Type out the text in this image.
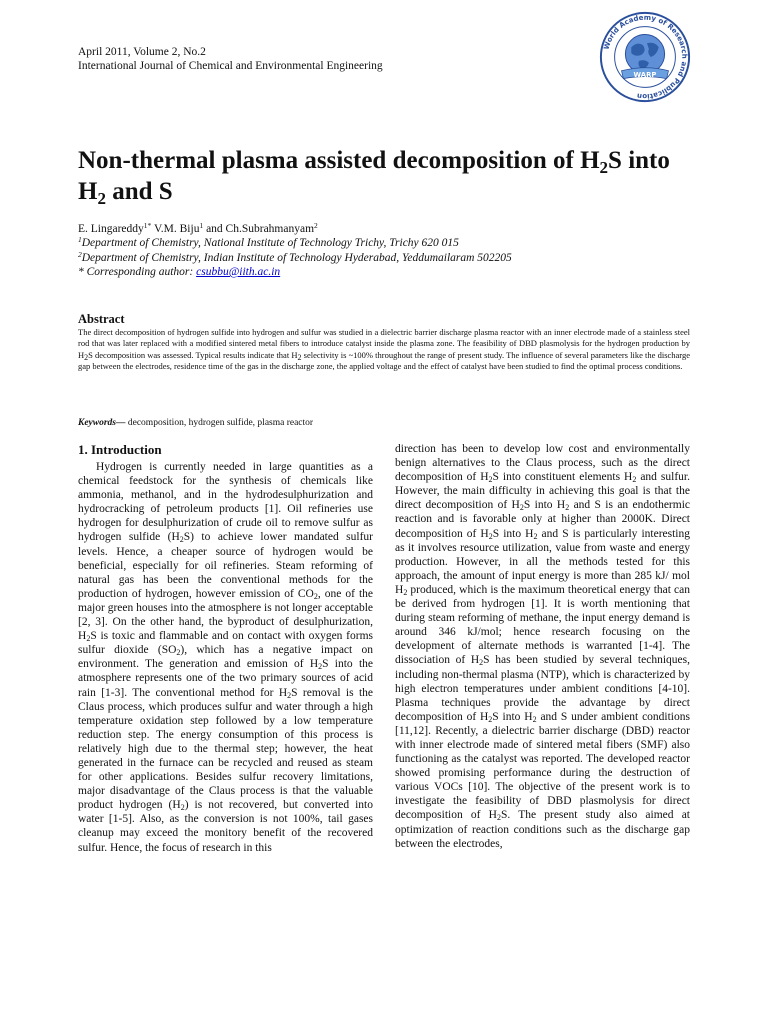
April 2011, Volume 2, No.2
International Journal of Chemical and Environmental Engineering
World Academy of Research and Publication
WARP
Non-thermal plasma assisted decomposition of $H_2S$ into $H_2$ and S
E. Lingareddy$^{1*}$ V.M. Biju$^1$ and Ch.Subrahmanyam$^2$
$^1$Department of Chemistry, National Institute of Technology Trichy, Trichy 620 015
$^2$Department of Chemistry, Indian Institute of Technology Hyderabad, Yeddumailaram 502205
* Corresponding author: csubbu@iith.ac.in
Abstract

The direct decomposition of hydrogen sulfide into hydrogen and sulfur was studied in a dielectric barrier discharge plasma reactor with an inner electrode made of a stainless steel rod that was later replaced with a modified sintered metal fibers to introduce catalyst inside the plasma zone. The feasibility of DBD plasmolysis for the hydrogen production by $H_2S$ decomposition was assessed. Typical results indicate that $H_2$ selectivity is ~100% throughout the range of present study. The influence of several parameters like the discharge gap between the electrodes, residence time of the gas in the discharge zone, the applied voltage and the effect of catalyst have been studied to find the optimal process conditions.

Keywords— decomposition, hydrogen sulfide, plasma reactor
1. Introduction

Hydrogen is currently needed in large quantities as a chemical feedstock for the synthesis of chemicals like ammonia, methanol, and in the hydrodesulphurization and hydrocracking of petroleum products [1]. Oil refineries use hydrogen for desulphurization of crude oil to remove sulfur as hydrogen sulfide $(H_2S)$ to achieve lower mandated sulfur levels. Hence, a cheaper source of hydrogen would be beneficial, especially for oil refineries. Steam reforming of natural gas has been the conventional methods for the production of hydrogen, however emission of $CO_2$, one of the major green houses into the atmosphere is not longer acceptable [2, 3]. On the other hand, the byproduct of desulphurization, $H_2S$ is toxic and flammable and on contact with oxygen forms sulfur dioxide $(SO_2)$, which has a negative impact on environment. The generation and emission of $H_2S$ into the atmosphere represents one of the two primary sources of acid rain [1-3]. The conventional method for $H_2S$ removal is the Claus process, which produces sulfur and water through a high temperature oxidation step followed by a low temperature reduction step. The energy consumption of this process is relatively high due to the thermal step; however, the heat generated in the furnace can be recycled and reused as steam for other applications. Besides sulfur recovery limitations, major disadvantage of the Claus process is that the valuable product hydrogen $(H_2)$ is not recovered, but converted into water [1-5]. Also, as the conversion is not 100%, tail gases cleanup may exceed the monitory benefit of the recovered sulfur. Hence, the focus of research in this

direction has been to develop low cost and environmentally benign alternatives to the Claus process, such as the direct decomposition of $H_2S$ into constituent elements $H_2$ and sulfur. However, the main difficulty in achieving this goal is that the direct decomposition of $H_2S$ into $H_2$ and S is an endothermic reaction and is favorable only at higher than 2000K. Direct decomposition of $H_2S$ into $H_2$ and S is particularly interesting as it involves resource utilization, value from waste and energy production. However, in all the methods tested for this approach, the amount of input energy is more than 285 kJ/ mol $H_2$ produced, which is the maximum theoretical energy that can be derived from hydrogen [1]. It is worth mentioning that during steam reforming of methane, the input energy demand is around 346 kJ/mol; hence research focusing on the development of alternate methods is warranted [1-4]. The dissociation of $H_2S$ has been studied by several techniques, including non-thermal plasma (NTP), which is characterized by high electron temperatures under ambient conditions [4-10]. Plasma techniques provide the advantage by direct decomposition of $H_2S$ into $H_2$ and S under ambient conditions [11,12]. Recently, a dielectric barrier discharge (DBD) reactor with inner electrode made of sintered metal fibers (SMF) also functioning as the catalyst was reported. The developed reactor showed promising performance during the destruction of various VOCs [10]. The objective of the present work is to investigate the feasibility of DBD plasmolysis for direct decomposition of $H_2S$. The present study also aimed at optimization of reaction conditions such as the discharge gap between the electrodes,
